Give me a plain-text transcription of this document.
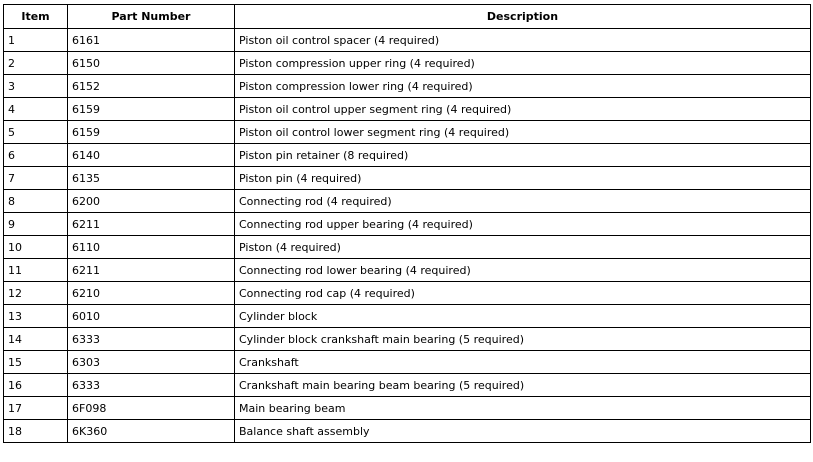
Item	Part Number	Description
1	6161	Piston oil control spacer (4 required)
2	6150	Piston compression upper ring (4 required)
3	6152	Piston compression lower ring (4 required)
4	6159	Piston oil control upper segment ring (4 required)
5	6159	Piston oil control lower segment ring (4 required)
6	6140	Piston pin retainer (8 required)
7	6135	Piston pin (4 required)
8	6200	Connecting rod (4 required)
9	6211	Connecting rod upper bearing (4 required)
10	6110	Piston (4 required)
11	6211	Connecting rod lower bearing (4 required)
12	6210	Connecting rod cap (4 required)
13	6010	Cylinder block
14	6333	Cylinder block crankshaft main bearing (5 required)
15	6303	Crankshaft
16	6333	Crankshaft main bearing beam bearing (5 required)
17	6F098	Main bearing beam
18	6K360	Balance shaft assembly
